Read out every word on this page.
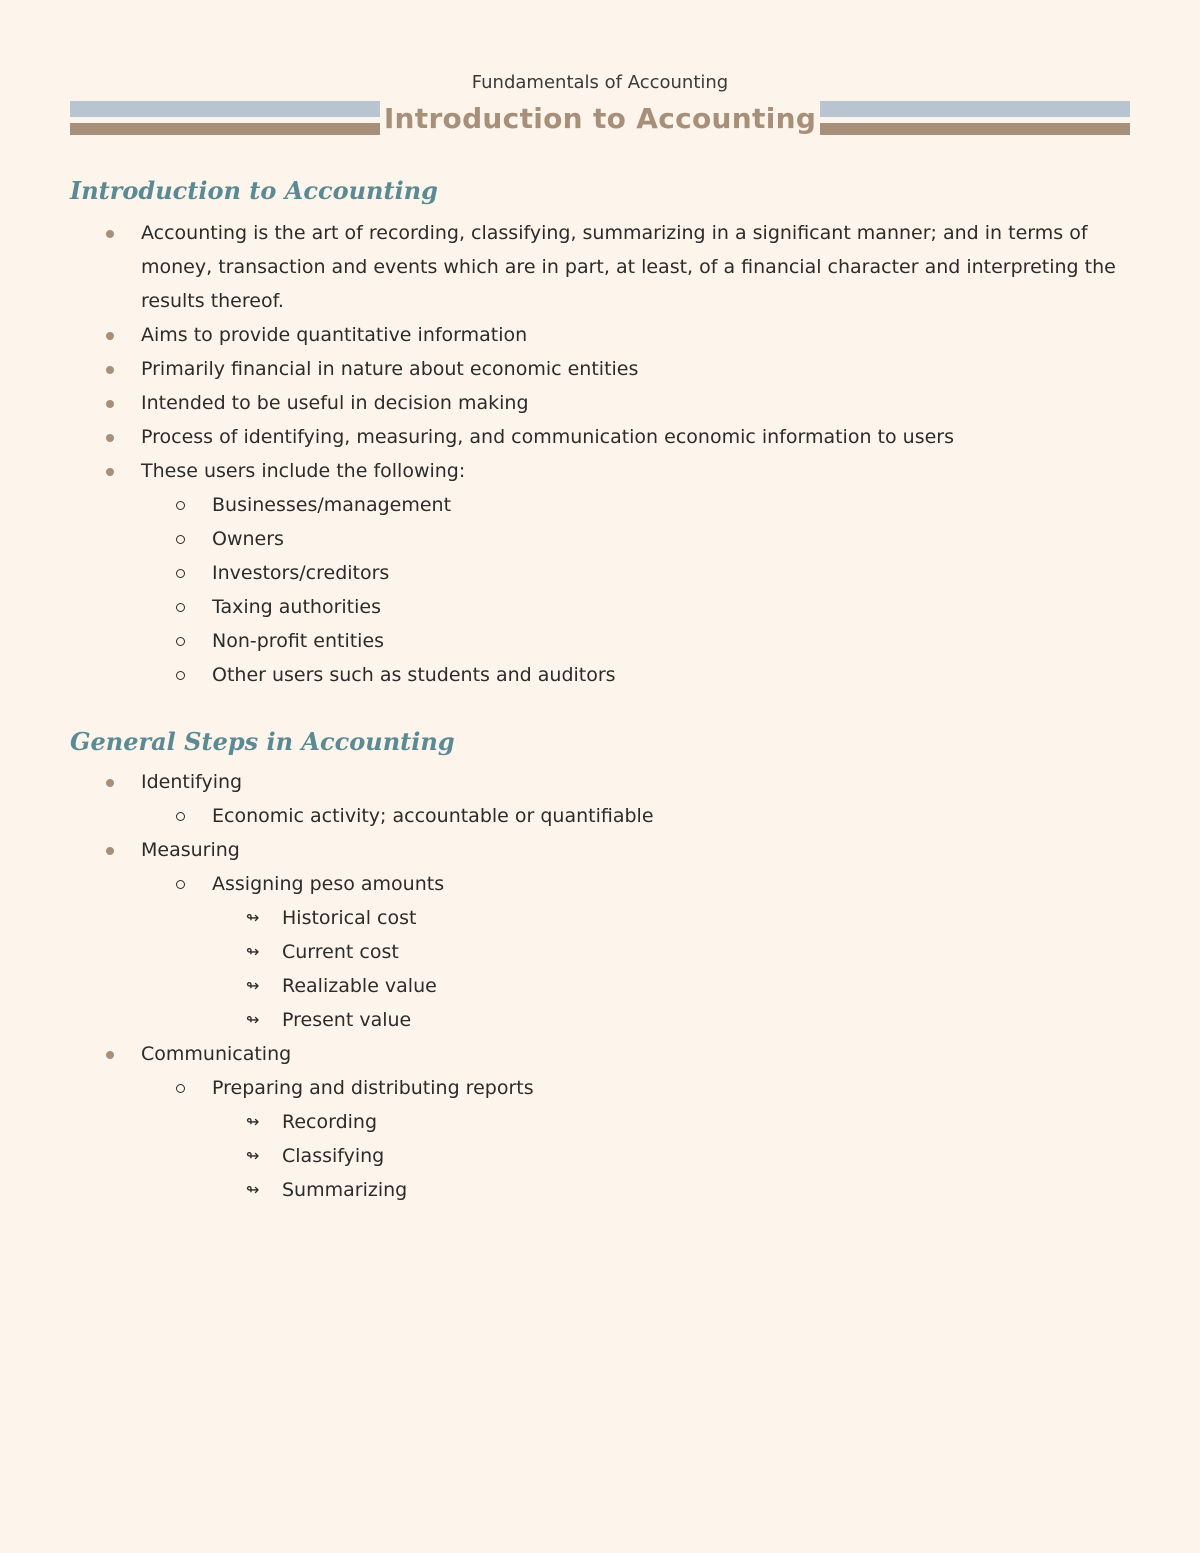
Fundamentals of Accounting
Introduction to Accounting
Introduction to Accounting
Accounting is the art of recording, classifying, summarizing in a significant manner; and in terms of money, transaction and events which are in part, at least, of a financial character and interpreting the results thereof.
Aims to provide quantitative information
Primarily financial in nature about economic entities
Intended to be useful in decision making
Process of identifying, measuring, and communication economic information to users
These users include the following:
Businesses/management
Owners
Investors/creditors
Taxing authorities
Non-profit entities
Other users such as students and auditors
General Steps in Accounting
Identifying
Economic activity; accountable or quantifiable
Measuring
Assigning peso amounts
↬ Historical cost
↬ Current cost
↬ Realizable value
↬ Present value
Communicating
Preparing and distributing reports
↬ Recording
↬ Classifying
↬ Summarizing
